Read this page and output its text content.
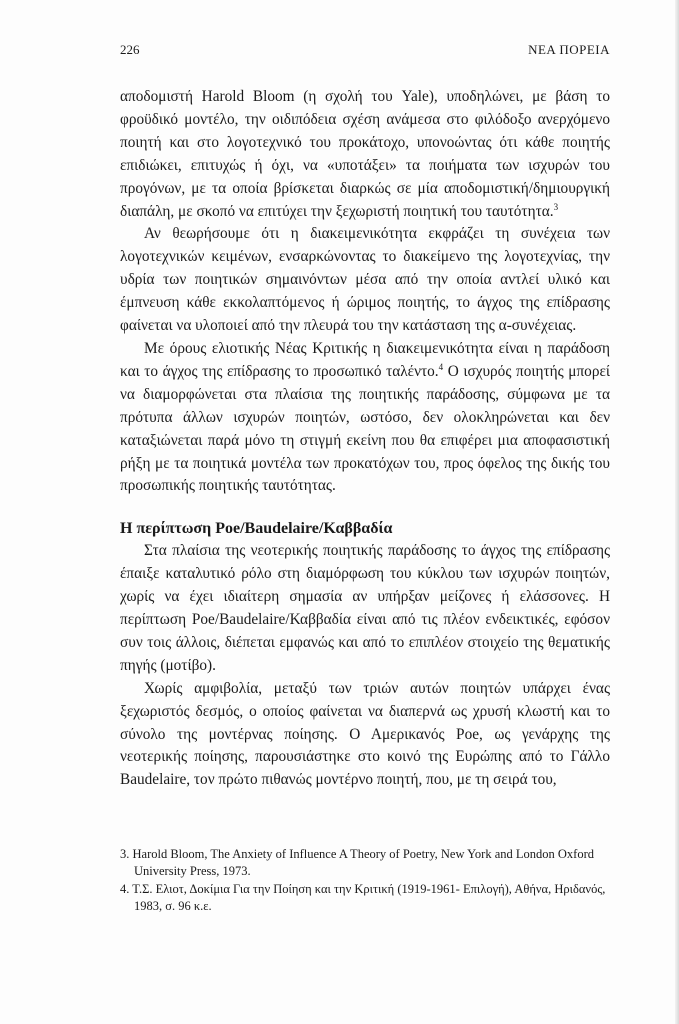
226	ΝΕΑ ΠΟΡΕΙΑ

αποδομιστή Harold Bloom (η σχολή του Yale), υποδηλώνει, με βάση το φροϋδικό μοντέλο, την οιδιπόδεια σχέση ανάμεσα στο φιλόδοξο ανερχόμενο ποιητή και στο λογοτεχνικό του προκάτοχο, υπονοώντας ότι κάθε ποιητής επιδιώκει, επιτυχώς ή όχι, να «υποτάξει» τα ποιήματα των ισχυρών του προγόνων, με τα οποία βρίσκεται διαρκώς σε μία αποδομιστική/δημιουργική διαπάλη, με σκοπό να επιτύχει την ξεχωριστή ποιητική του ταυτότητα.$^3$

Αν θεωρήσουμε ότι η διακειμενικότητα εκφράζει τη συνέχεια των λογοτεχνικών κειμένων, ενσαρκώνοντας το διακείμενο της λογοτεχνίας, την υδρία των ποιητικών σημαινόντων μέσα από την οποία αντλεί υλικό και έμπνευση κάθε εκκολαπτόμενος ή ώριμος ποιητής, το άγχος της επίδρασης φαίνεται να υλοποιεί από την πλευρά του την κατάσταση της α-συνέχειας.

Με όρους ελιοτικής Νέας Κριτικής η διακειμενικότητα είναι η παράδοση και το άγχος της επίδρασης το προσωπικό ταλέντο.$^4$ Ο ισχυρός ποιητής μπορεί να διαμορφώνεται στα πλαίσια της ποιητικής παράδοσης, σύμφωνα με τα πρότυπα άλλων ισχυρών ποιητών, ωστόσο, δεν ολοκληρώνεται και δεν καταξιώνεται παρά μόνο τη στιγμή εκείνη που θα επιφέρει μια αποφασιστική ρήξη με τα ποιητικά μοντέλα των προκατόχων του, προς όφελος της δικής του προσωπικής ποιητικής ταυτότητας.

Η περίπτωση Poe/Baudelaire/Καββαδία

Στα πλαίσια της νεοτερικής ποιητικής παράδοσης το άγχος της επίδρασης έπαιξε καταλυτικό ρόλο στη διαμόρφωση του κύκλου των ισχυρών ποιητών, χωρίς να έχει ιδιαίτερη σημασία αν υπήρξαν μείζονες ή ελάσσονες. Η περίπτωση Poe/Baudelaire/Καββαδία είναι από τις πλέον ενδεικτικές, εφόσον συν τοις άλλοις, διέπεται εμφανώς και από το επιπλέον στοιχείο της θεματικής πηγής (μοτίβο).

Χωρίς αμφιβολία, μεταξύ των τριών αυτών ποιητών υπάρχει ένας ξεχωριστός δεσμός, ο οποίος φαίνεται να διαπερνά ως χρυσή κλωστή και το σύνολο της μοντέρνας ποίησης. Ο Αμερικανός Poe, ως γενάρχης της νεοτερικής ποίησης, παρουσιάστηκε στο κοινό της Ευρώπης από το Γάλλο Baudelaire, τον πρώτο πιθανώς μοντέρνο ποιητή, που, με τη σειρά του,

3. Harold Bloom, The Anxiety of Influence A Theory of Poetry, New York and London Oxford University Press, 1973.

4. Τ.Σ. Ελιοτ, Δοκίμια Για την Ποίηση και την Κριτική (1919-1961- Επιλογή), Αθήνα, Ηριδανός, 1983, σ. 96 κ.ε.
